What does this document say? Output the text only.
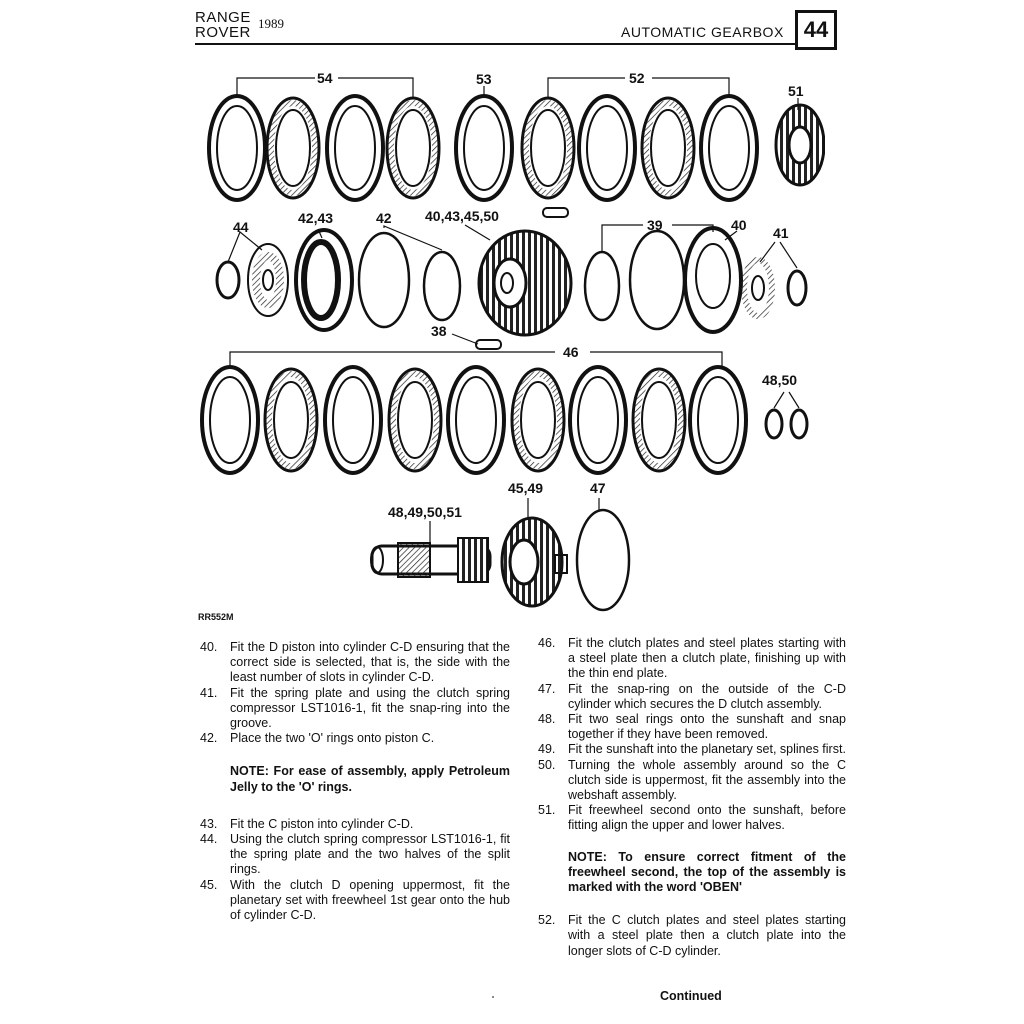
RANGE
ROVER
1989
AUTOMATIC GEARBOX 44
54	53	52
51
44
42,43	42 40,43,45,50
39	40 41
38
46
48,50
45,49	47
48,49,50,51
RR552M
40.	Fit the D piston into cylinder C-D ensuring that the correct side is selected, that is, the side with the least number of slots in cylinder C-D.
41.	Fit the spring plate and using the clutch spring compressor LST1016-1, fit the snap-ring into the groove.
42.	Place the two 'O' rings onto piston C.
NOTE: For ease of assembly, apply Petroleum Jelly to the 'O' rings.
43.	Fit the C piston into cylinder C-D.
44.	Using the clutch spring compressor LST1016-1, fit the spring plate and the two halves of the split rings.
45.	With the clutch D opening uppermost, fit the planetary set with freewheel 1st gear onto the hub of cylinder C-D.
46.	Fit the clutch plates and steel plates starting with a steel plate then a clutch plate, finishing up with the thin end plate.
47.	Fit the snap-ring on the outside of the C-D cylinder which secures the D clutch assembly.
48.	Fit two seal rings onto the sunshaft and snap together if they have been removed.
49.	Fit the sunshaft into the planetary set, splines first.
50.	Turning the whole assembly around so the C clutch side is uppermost, fit the assembly into the webshaft assembly.
51.	Fit freewheel second onto the sunshaft, before fitting align the upper and lower halves.
NOTE: To ensure correct fitment of the freewheel second, the top of the assembly is marked with the word 'OBEN'
52.	Fit the C clutch plates and steel plates starting with a steel plate then a clutch plate into the longer slots of C-D cylinder.
Continued
